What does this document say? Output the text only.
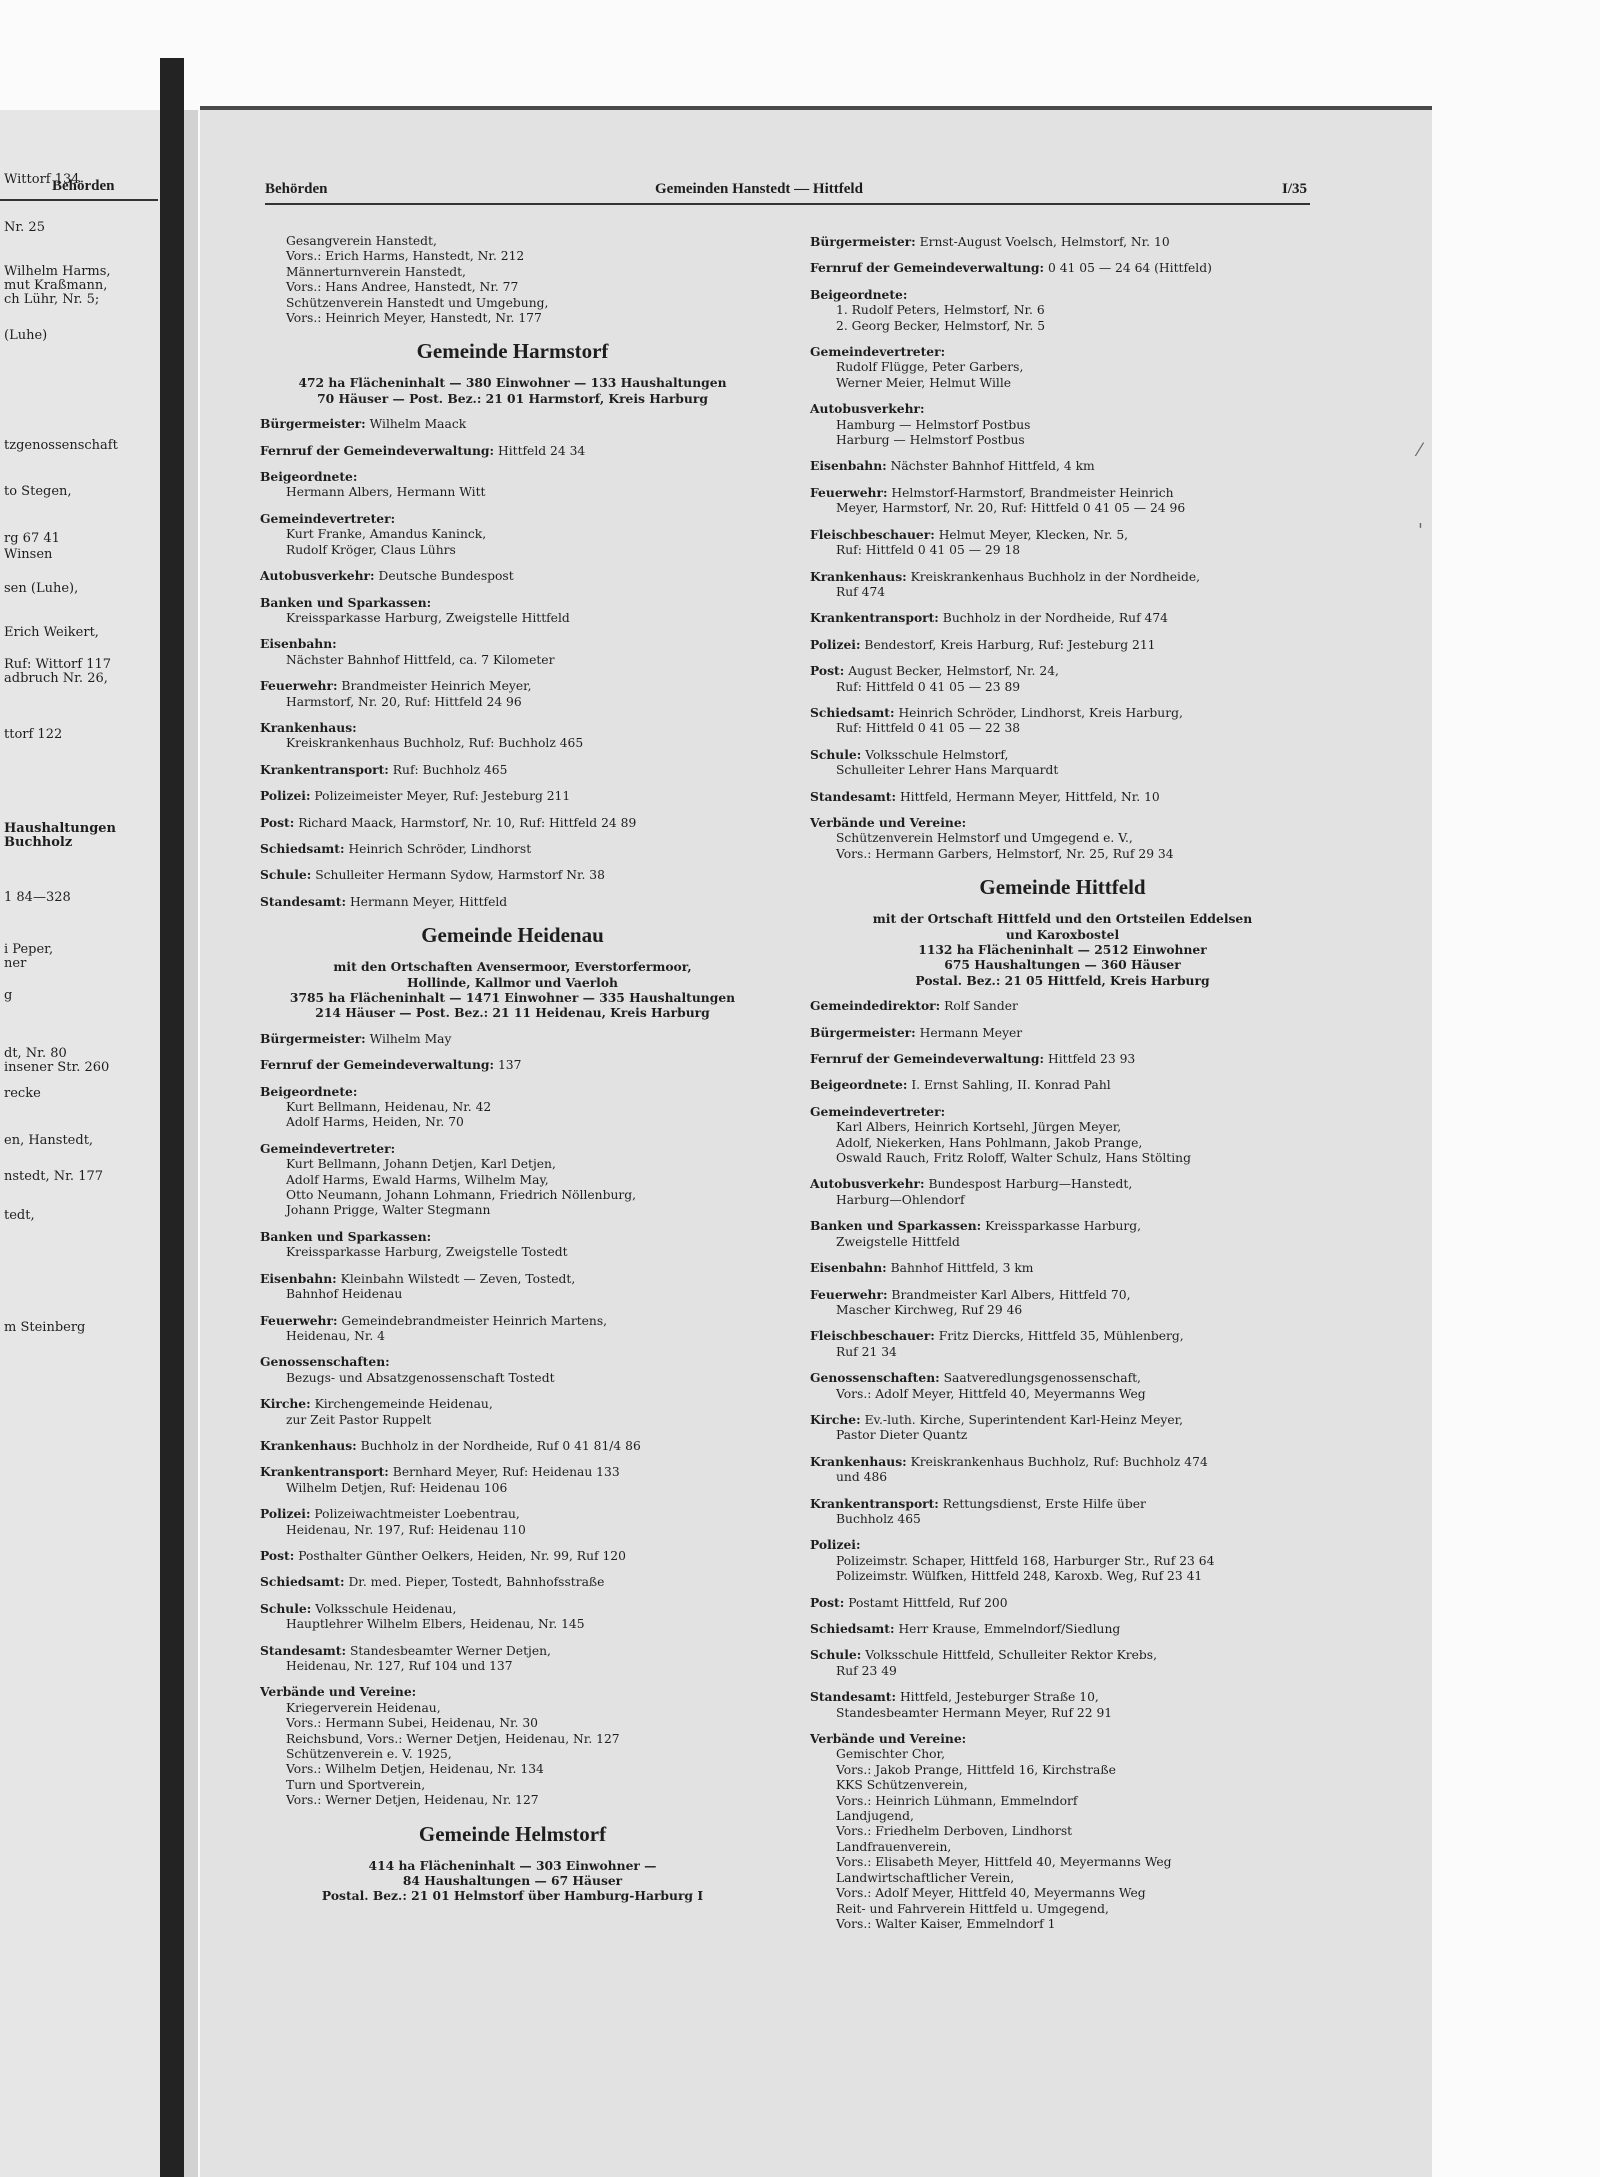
Behörden
Wittorf 134
Nr. 25
Wilhelm Harms,
mut Kraßmann,
ch Lühr, Nr. 5;
(Luhe)
tzgenossenschaft
to Stegen,
rg 67 41
Winsen
sen (Luhe),
Erich Weikert,
Ruf: Wittorf 117
adbruch Nr. 26,
ttorf 122
Haushaltungen
Buchholz
1 84—328
i Peper,
ner
g
dt, Nr. 80
insener Str. 260
recke
en, Hanstedt,
nstedt, Nr. 177
tedt,
m Steinberg
Behörden	Gemeinden Hanstedt — Hittfeld	I/35
⁄
'
Gesangverein Hanstedt,
Vors.: Erich Harms, Hanstedt, Nr. 212
Männerturnverein Hanstedt,
Vors.: Hans Andree, Hanstedt, Nr. 77
Schützenverein Hanstedt und Umgebung,
Vors.: Heinrich Meyer, Hanstedt, Nr. 177
Gemeinde Harmstorf
472 ha Flächeninhalt — 380 Einwohner — 133 Haushaltungen
70 Häuser — Post. Bez.: 21 01 Harmstorf, Kreis Harburg
Bürgermeister: Wilhelm Maack
Fernruf der Gemeindeverwaltung: Hittfeld 24 34
Beigeordnete:
Hermann Albers, Hermann Witt
Gemeindevertreter:
Kurt Franke, Amandus Kaninck,
Rudolf Kröger, Claus Lührs
Autobusverkehr: Deutsche Bundespost
Banken und Sparkassen:
Kreissparkasse Harburg, Zweigstelle Hittfeld
Eisenbahn:
Nächster Bahnhof Hittfeld, ca. 7 Kilometer
Feuerwehr: Brandmeister Heinrich Meyer,
Harmstorf, Nr. 20, Ruf: Hittfeld 24 96
Krankenhaus:
Kreiskrankenhaus Buchholz, Ruf: Buchholz 465
Krankentransport: Ruf: Buchholz 465
Polizei: Polizeimeister Meyer, Ruf: Jesteburg 211
Post: Richard Maack, Harmstorf, Nr. 10, Ruf: Hittfeld 24 89
Schiedsamt: Heinrich Schröder, Lindhorst
Schule: Schulleiter Hermann Sydow, Harmstorf Nr. 38
Standesamt: Hermann Meyer, Hittfeld
Gemeinde Heidenau
mit den Ortschaften Avensermoor, Everstorfermoor,
Hollinde, Kallmor und Vaerloh
3785 ha Flächeninhalt — 1471 Einwohner — 335 Haushaltungen
214 Häuser — Post. Bez.: 21 11 Heidenau, Kreis Harburg
Bürgermeister: Wilhelm May
Fernruf der Gemeindeverwaltung: 137
Beigeordnete:
Kurt Bellmann, Heidenau, Nr. 42
Adolf Harms, Heiden, Nr. 70
Gemeindevertreter:
Kurt Bellmann, Johann Detjen, Karl Detjen,
Adolf Harms, Ewald Harms, Wilhelm May,
Otto Neumann, Johann Lohmann, Friedrich Nöllenburg,
Johann Prigge, Walter Stegmann
Banken und Sparkassen:
Kreissparkasse Harburg, Zweigstelle Tostedt
Eisenbahn: Kleinbahn Wilstedt — Zeven, Tostedt,
Bahnhof Heidenau
Feuerwehr: Gemeindebrandmeister Heinrich Martens,
Heidenau, Nr. 4
Genossenschaften:
Bezugs- und Absatzgenossenschaft Tostedt
Kirche: Kirchengemeinde Heidenau,
zur Zeit Pastor Ruppelt
Krankenhaus: Buchholz in der Nordheide, Ruf 0 41 81/4 86
Krankentransport: Bernhard Meyer, Ruf: Heidenau 133
Wilhelm Detjen, Ruf: Heidenau 106
Polizei: Polizeiwachtmeister Loebentrau,
Heidenau, Nr. 197, Ruf: Heidenau 110
Post: Posthalter Günther Oelkers, Heiden, Nr. 99, Ruf 120
Schiedsamt: Dr. med. Pieper, Tostedt, Bahnhofsstraße
Schule: Volksschule Heidenau,
Hauptlehrer Wilhelm Elbers, Heidenau, Nr. 145
Standesamt: Standesbeamter Werner Detjen,
Heidenau, Nr. 127, Ruf 104 und 137
Verbände und Vereine:
Kriegerverein Heidenau,
Vors.: Hermann Subei, Heidenau, Nr. 30
Reichsbund, Vors.: Werner Detjen, Heidenau, Nr. 127
Schützenverein e. V. 1925,
Vors.: Wilhelm Detjen, Heidenau, Nr. 134
Turn und Sportverein,
Vors.: Werner Detjen, Heidenau, Nr. 127
Gemeinde Helmstorf
414 ha Flächeninhalt — 303 Einwohner —
84 Haushaltungen — 67 Häuser
Postal. Bez.: 21 01 Helmstorf über Hamburg-Harburg I
Bürgermeister: Ernst-August Voelsch, Helmstorf, Nr. 10
Fernruf der Gemeindeverwaltung: 0 41 05 — 24 64 (Hittfeld)
Beigeordnete:
1. Rudolf Peters, Helmstorf, Nr. 6
2. Georg Becker, Helmstorf, Nr. 5
Gemeindevertreter:
Rudolf Flügge, Peter Garbers,
Werner Meier, Helmut Wille
Autobusverkehr:
Hamburg — Helmstorf Postbus
Harburg — Helmstorf Postbus
Eisenbahn: Nächster Bahnhof Hittfeld, 4 km
Feuerwehr: Helmstorf-Harmstorf, Brandmeister Heinrich
Meyer, Harmstorf, Nr. 20, Ruf: Hittfeld 0 41 05 — 24 96
Fleischbeschauer: Helmut Meyer, Klecken, Nr. 5,
Ruf: Hittfeld 0 41 05 — 29 18
Krankenhaus: Kreiskrankenhaus Buchholz in der Nordheide,
Ruf 474
Krankentransport: Buchholz in der Nordheide, Ruf 474
Polizei: Bendestorf, Kreis Harburg, Ruf: Jesteburg 211
Post: August Becker, Helmstorf, Nr. 24,
Ruf: Hittfeld 0 41 05 — 23 89
Schiedsamt: Heinrich Schröder, Lindhorst, Kreis Harburg,
Ruf: Hittfeld 0 41 05 — 22 38
Schule: Volksschule Helmstorf,
Schulleiter Lehrer Hans Marquardt
Standesamt: Hittfeld, Hermann Meyer, Hittfeld, Nr. 10
Verbände und Vereine:
Schützenverein Helmstorf und Umgegend e. V.,
Vors.: Hermann Garbers, Helmstorf, Nr. 25, Ruf 29 34
Gemeinde Hittfeld
mit der Ortschaft Hittfeld und den Ortsteilen Eddelsen
und Karoxbostel
1132 ha Flächeninhalt — 2512 Einwohner
675 Haushaltungen — 360 Häuser
Postal. Bez.: 21 05 Hittfeld, Kreis Harburg
Gemeindedirektor: Rolf Sander
Bürgermeister: Hermann Meyer
Fernruf der Gemeindeverwaltung: Hittfeld 23 93
Beigeordnete: I. Ernst Sahling, II. Konrad Pahl
Gemeindevertreter:
Karl Albers, Heinrich Kortsehl, Jürgen Meyer,
Adolf, Niekerken, Hans Pohlmann, Jakob Prange,
Oswald Rauch, Fritz Roloff, Walter Schulz, Hans Stölting
Autobusverkehr: Bundespost Harburg—Hanstedt,
Harburg—Ohlendorf
Banken und Sparkassen: Kreissparkasse Harburg,
Zweigstelle Hittfeld
Eisenbahn: Bahnhof Hittfeld, 3 km
Feuerwehr: Brandmeister Karl Albers, Hittfeld 70,
Mascher Kirchweg, Ruf 29 46
Fleischbeschauer: Fritz Diercks, Hittfeld 35, Mühlenberg,
Ruf 21 34
Genossenschaften: Saatveredlungsgenossenschaft,
Vors.: Adolf Meyer, Hittfeld 40, Meyermanns Weg
Kirche: Ev.-luth. Kirche, Superintendent Karl-Heinz Meyer,
Pastor Dieter Quantz
Krankenhaus: Kreiskrankenhaus Buchholz, Ruf: Buchholz 474
und 486
Krankentransport: Rettungsdienst, Erste Hilfe über
Buchholz 465
Polizei:
Polizeimstr. Schaper, Hittfeld 168, Harburger Str., Ruf 23 64
Polizeimstr. Wülfken, Hittfeld 248, Karoxb. Weg, Ruf 23 41
Post: Postamt Hittfeld, Ruf 200
Schiedsamt: Herr Krause, Emmelndorf/Siedlung
Schule: Volksschule Hittfeld, Schulleiter Rektor Krebs,
Ruf 23 49
Standesamt: Hittfeld, Jesteburger Straße 10,
Standesbeamter Hermann Meyer, Ruf 22 91
Verbände und Vereine:
Gemischter Chor,
Vors.: Jakob Prange, Hittfeld 16, Kirchstraße
KKS Schützenverein,
Vors.: Heinrich Lühmann, Emmelndorf
Landjugend,
Vors.: Friedhelm Derboven, Lindhorst
Landfrauenverein,
Vors.: Elisabeth Meyer, Hittfeld 40, Meyermanns Weg
Landwirtschaftlicher Verein,
Vors.: Adolf Meyer, Hittfeld 40, Meyermanns Weg
Reit- und Fahrverein Hittfeld u. Umgegend,
Vors.: Walter Kaiser, Emmelndorf 1
